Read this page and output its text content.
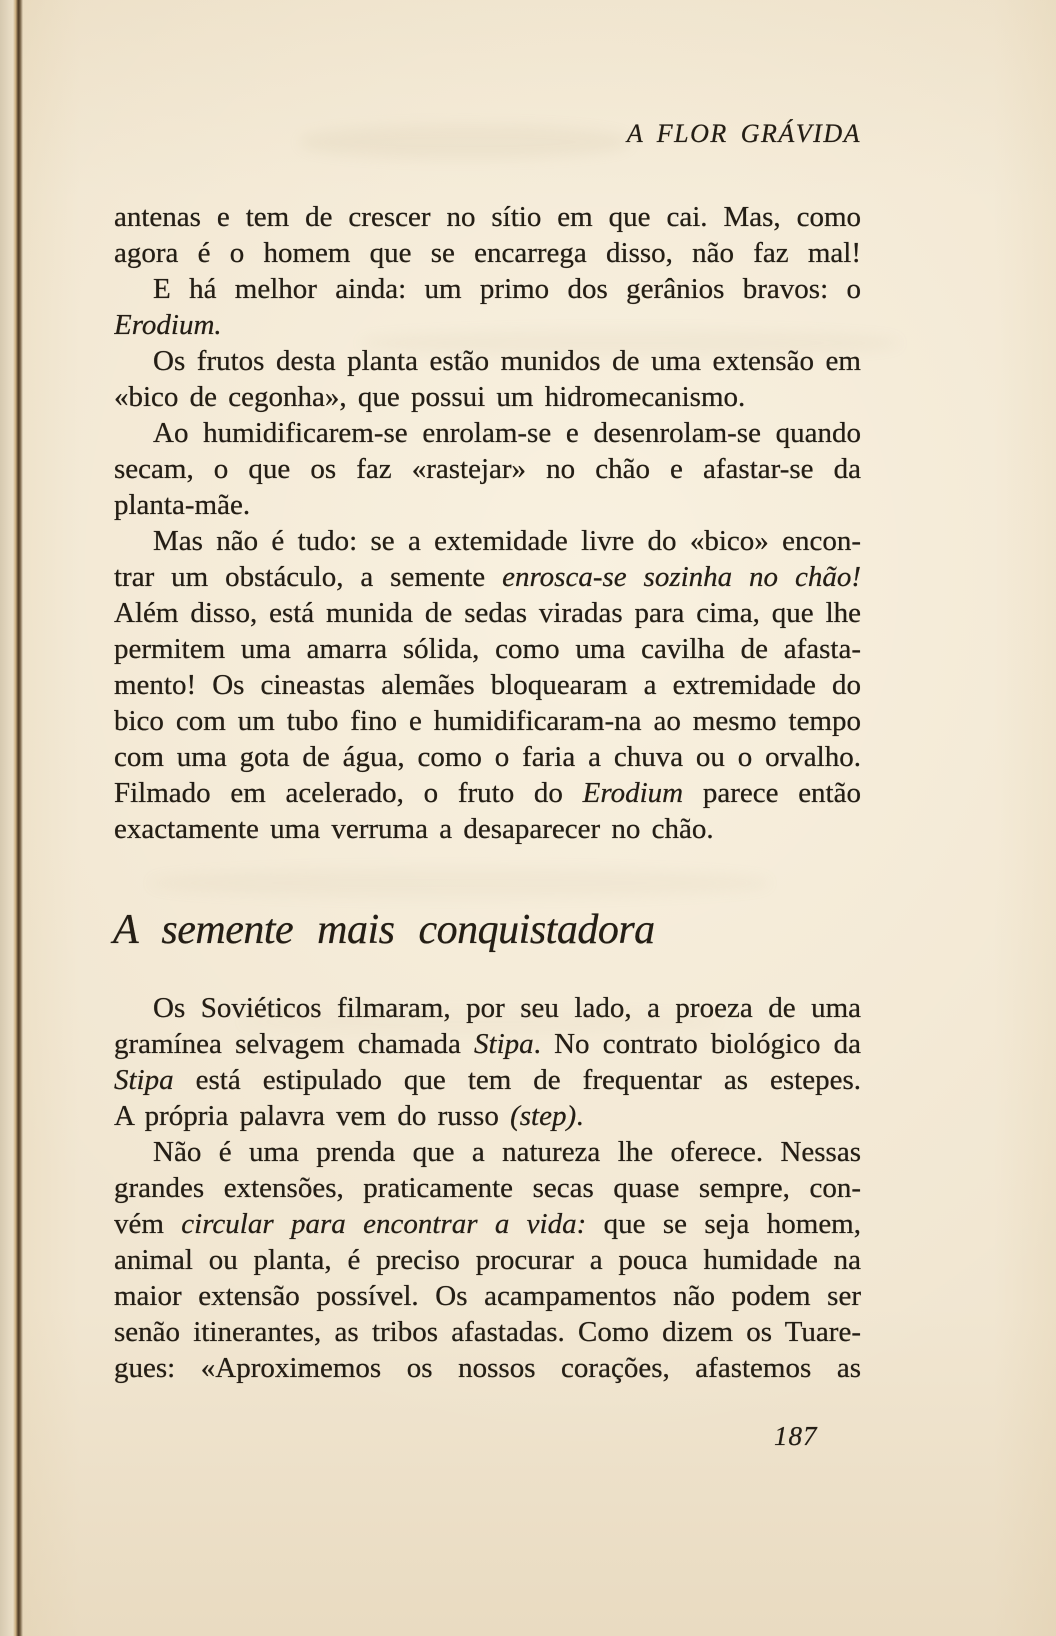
A FLOR GRÁVIDA
antenas e tem de crescer no sítio em que cai. Mas, como
agora é o homem que se encarrega disso, não faz mal!
E há melhor ainda: um primo dos gerânios bravos: o
Erodium.
Os frutos desta planta estão munidos de uma extensão em
«bico de cegonha», que possui um hidromecanismo.
Ao humidificarem-se enrolam-se e desenrolam-se quando
secam, o que os faz «rastejar» no chão e afastar-se da
planta-mãe.
Mas não é tudo: se a extemidade livre do «bico» encon-
trar um obstáculo, a semente enrosca-se sozinha no chão!
Além disso, está munida de sedas viradas para cima, que lhe
permitem uma amarra sólida, como uma cavilha de afasta-
mento! Os cineastas alemães bloquearam a extremidade do
bico com um tubo fino e humidificaram-na ao mesmo tempo
com uma gota de água, como o faria a chuva ou o orvalho.
Filmado em acelerado, o fruto do Erodium parece então
exactamente uma verruma a desaparecer no chão.
A semente mais conquistadora
Os Soviéticos filmaram, por seu lado, a proeza de uma
gramínea selvagem chamada Stipa. No contrato biológico da
Stipa está estipulado que tem de frequentar as estepes.
A própria palavra vem do russo (step).
Não é uma prenda que a natureza lhe oferece. Nessas
grandes extensões, praticamente secas quase sempre, con-
vém circular para encontrar a vida: que se seja homem,
animal ou planta, é preciso procurar a pouca humidade na
maior extensão possível. Os acampamentos não podem ser
senão itinerantes, as tribos afastadas. Como dizem os Tuare-
gues: «Aproximemos os nossos corações, afastemos as
187
